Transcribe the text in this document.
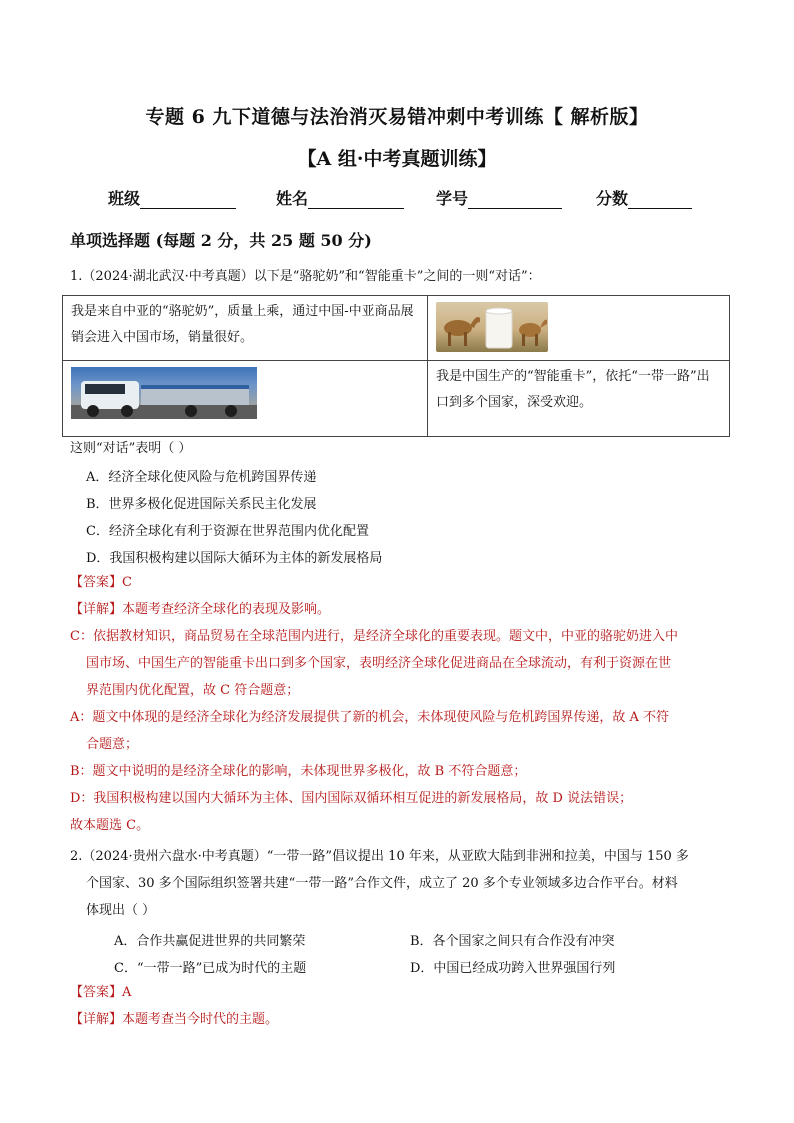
专题 6 九下道德与法治消灭易错冲刺中考训练【 解析版】
【A 组·中考真题训练】
班级	姓名	学号	分数
单项选择题 (每题 2 分，共 25 题 50 分)
1.（2024·湖北武汉·中考真题）以下是“骆驼奶”和“智能重卡”之间的一则“对话”：
我是来自中亚的“骆驼奶”，质量上乘，通过中国-中亚商品展销会进入中国市场，销量很好。	

	我是中国生产的“智能重卡”，依托“一带一路”出口到多个国家，深受欢迎。
这则“对话”表明（ ）
A．经济全球化使风险与危机跨国界传递
B．世界多极化促进国际关系民主化发展
C．经济全球化有利于资源在世界范围内优化配置
D．我国积极构建以国际大循环为主体的新发展格局
【答案】C
【详解】本题考查经济全球化的表现及影响。
C：依据教材知识，商品贸易在全球范围内进行，是经济全球化的重要表现。题文中，中亚的骆驼奶进入中
国市场、中国生产的智能重卡出口到多个国家，表明经济全球化促进商品在全球流动，有利于资源在世
界范围内优化配置，故 C 符合题意；
A：题文中体现的是经济全球化为经济发展提供了新的机会，未体现使风险与危机跨国界传递，故 A 不符
合题意；
B：题文中说明的是经济全球化的影响，未体现世界多极化，故 B 不符合题意；
D：我国积极构建以国内大循环为主体、国内国际双循环相互促进的新发展格局，故 D 说法错误；
故本题选 C。
2.（2024·贵州六盘水·中考真题）“一带一路”倡议提出 10 年来，从亚欧大陆到非洲和拉美，中国与 150 多
个国家、30 多个国际组织签署共建“一带一路”合作文件，成立了 20 多个专业领域多边合作平台。材料
体现出（ ）
A．合作共赢促进世界的共同繁荣	B．各个国家之间只有合作没有冲突
C．“一带一路”已成为时代的主题	D．中国已经成功跨入世界强国行列
【答案】A
【详解】本题考查当今时代的主题。
